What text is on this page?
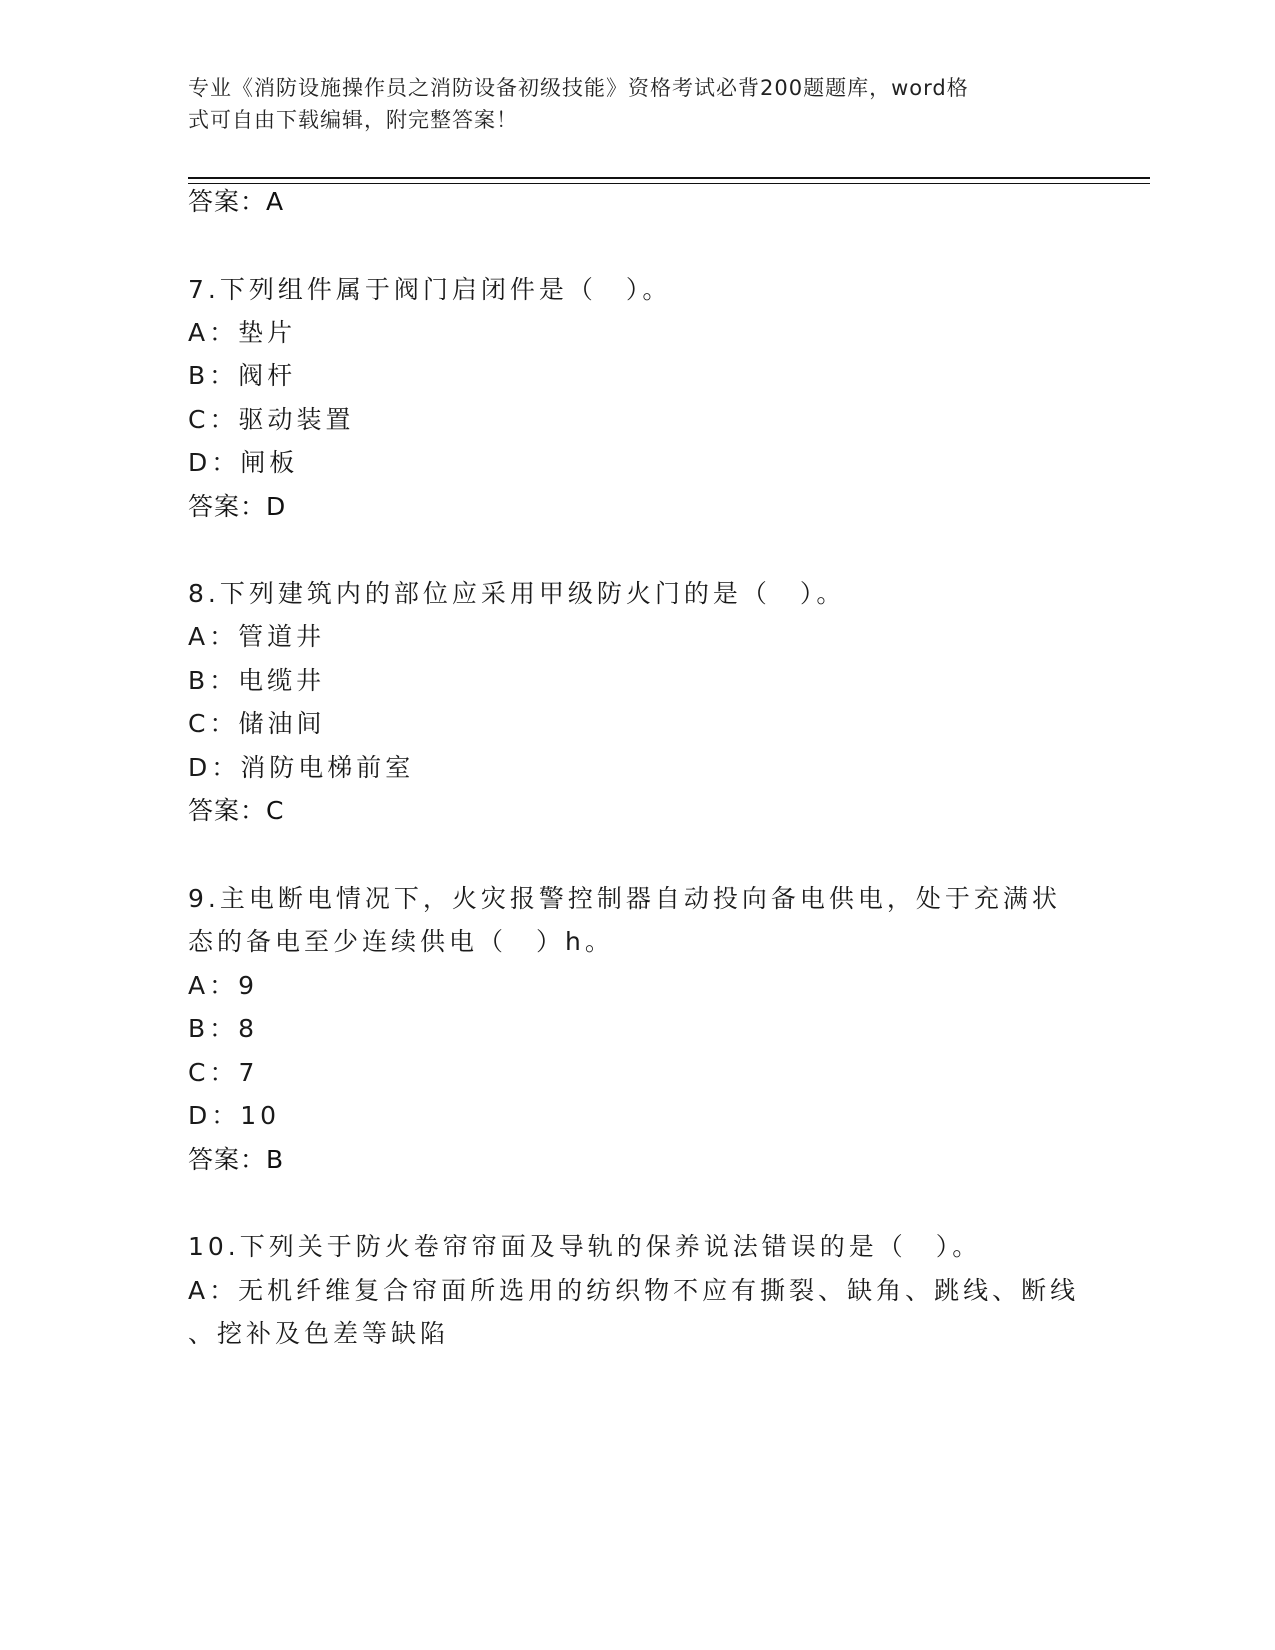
专业《消防设施操作员之消防设备初级技能》资格考试必背200题题库，word格
式可自由下载编辑，附完整答案！
答案：A
7.下列组件属于阀门启闭件是（　）。
A：垫片
B：阀杆
C：驱动装置
D：闸板
答案：D
8.下列建筑内的部位应采用甲级防火门的是（　）。
A：管道井
B：电缆井
C：储油间
D：消防电梯前室
答案：C
9.主电断电情况下，火灾报警控制器自动投向备电供电，处于充满状
态的备电至少连续供电（　）h。
A：9
B：8
C：7
D：10
答案：B
10.下列关于防火卷帘帘面及导轨的保养说法错误的是（　）。
A：无机纤维复合帘面所选用的纺织物不应有撕裂、缺角、跳线、断线
、挖补及色差等缺陷
